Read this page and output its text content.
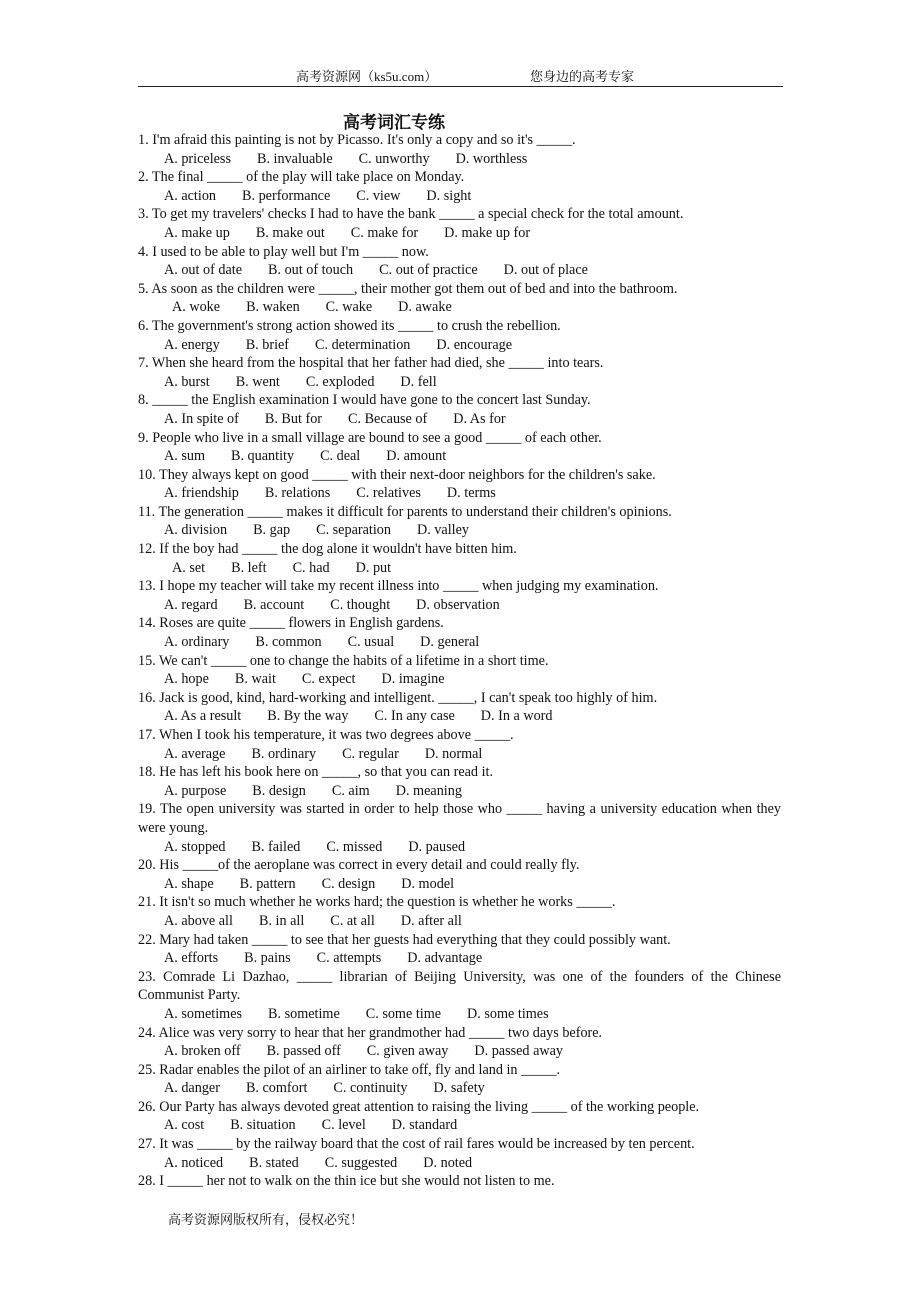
高考资源网（ks5u.com）	您身边的高考专家
高考词汇专练
1. I'm afraid this painting is not by Picasso. It's only a copy and so it's _____.
A. priceless B. invaluable C. unworthy D. worthless
2. The final _____ of the play will take place on Monday.
A. action B. performance C. view D. sight
3. To get my travelers' checks I had to have the bank _____ a special check for the total amount.
A. make up B. make out C. make for D. make up for
4. I used to be able to play well but I'm _____ now.
A. out of date B. out of touch C. out of practice D. out of place
5. As soon as the children were _____, their mother got them out of bed and into the bathroom.
A. woke B. waken C. wake D. awake
6. The government's strong action showed its _____ to crush the rebellion.
A. energy B. brief C. determination D. encourage
7. When she heard from the hospital that her father had died, she _____ into tears.
A. burst B. went C. exploded D. fell
8. _____ the English examination I would have gone to the concert last Sunday.
A. In spite of B. But for C. Because of D. As for
9. People who live in a small village are bound to see a good _____ of each other.
A. sum B. quantity C. deal D. amount
10. They always kept on good _____ with their next-door neighbors for the children's sake.
A. friendship B. relations C. relatives D. terms
11. The generation _____ makes it difficult for parents to understand their children's opinions.
A. division B. gap C. separation D. valley
12. If the boy had _____ the dog alone it wouldn't have bitten him.
A. set B. left C. had D. put
13. I hope my teacher will take my recent illness into _____ when judging my examination.
A. regard B. account C. thought D. observation
14. Roses are quite _____ flowers in English gardens.
A. ordinary B. common C. usual D. general
15. We can't _____ one to change the habits of a lifetime in a short time.
A. hope B. wait C. expect D. imagine
16. Jack is good, kind, hard-working and intelligent. _____, I can't speak too highly of him.
A. As a result B. By the way C. In any case D. In a word
17. When I took his temperature, it was two degrees above _____.
A. average B. ordinary C. regular D. normal
18. He has left his book here on _____, so that you can read it.
A. purpose B. design C. aim D. meaning
19. The open university was started in order to help those who _____ having a university education when they were young.
A. stopped B. failed C. missed D. paused
20. His _____of the aeroplane was correct in every detail and could really fly.
A. shape B. pattern C. design D. model
21. It isn't so much whether he works hard; the question is whether he works _____.
A. above all B. in all C. at all D. after all
22. Mary had taken _____ to see that her guests had everything that they could possibly want.
A. efforts B. pains C. attempts D. advantage
23. Comrade Li Dazhao, _____ librarian of Beijing University, was one of the founders of the Chinese Communist Party.
A. sometimes B. sometime C. some time D. some times
24. Alice was very sorry to hear that her grandmother had _____ two days before.
A. broken off B. passed off C. given away D. passed away
25. Radar enables the pilot of an airliner to take off, fly and land in _____.
A. danger B. comfort C. continuity D. safety
26. Our Party has always devoted great attention to raising the living _____ of the working people.
A. cost B. situation C. level D. standard
27. It was _____ by the railway board that the cost of rail fares would be increased by ten percent.
A. noticed B. stated C. suggested D. noted
28. I _____ her not to walk on the thin ice but she would not listen to me.
高考资源网版权所有，侵权必究！
